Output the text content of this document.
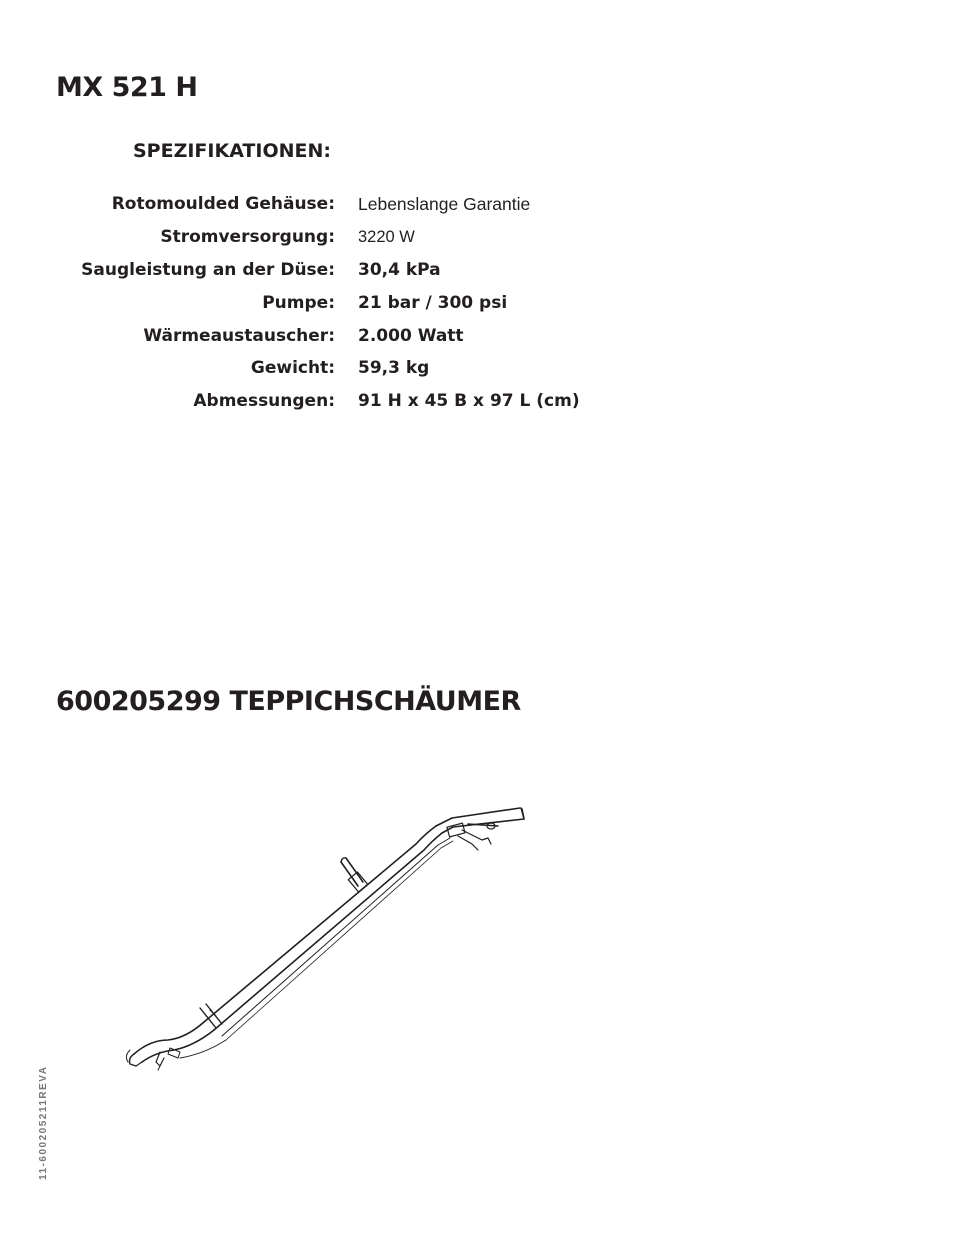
MX 521 H
SPEZIFIKATIONEN:
Rotomoulded Gehäuse:	Lebenslange Garantie
Stromversorgung:	3220 W
Saugleistung an der Düse:	30,4 kPa
Pumpe:	21 bar / 300 psi
Wärmeaustauscher:	2.000 Watt
Gewicht:	59,3 kg
Abmessungen:	91 H x 45 B x 97 L (cm)
600205299 TEPPICHSCHÄUMER
11-600205211REVA
